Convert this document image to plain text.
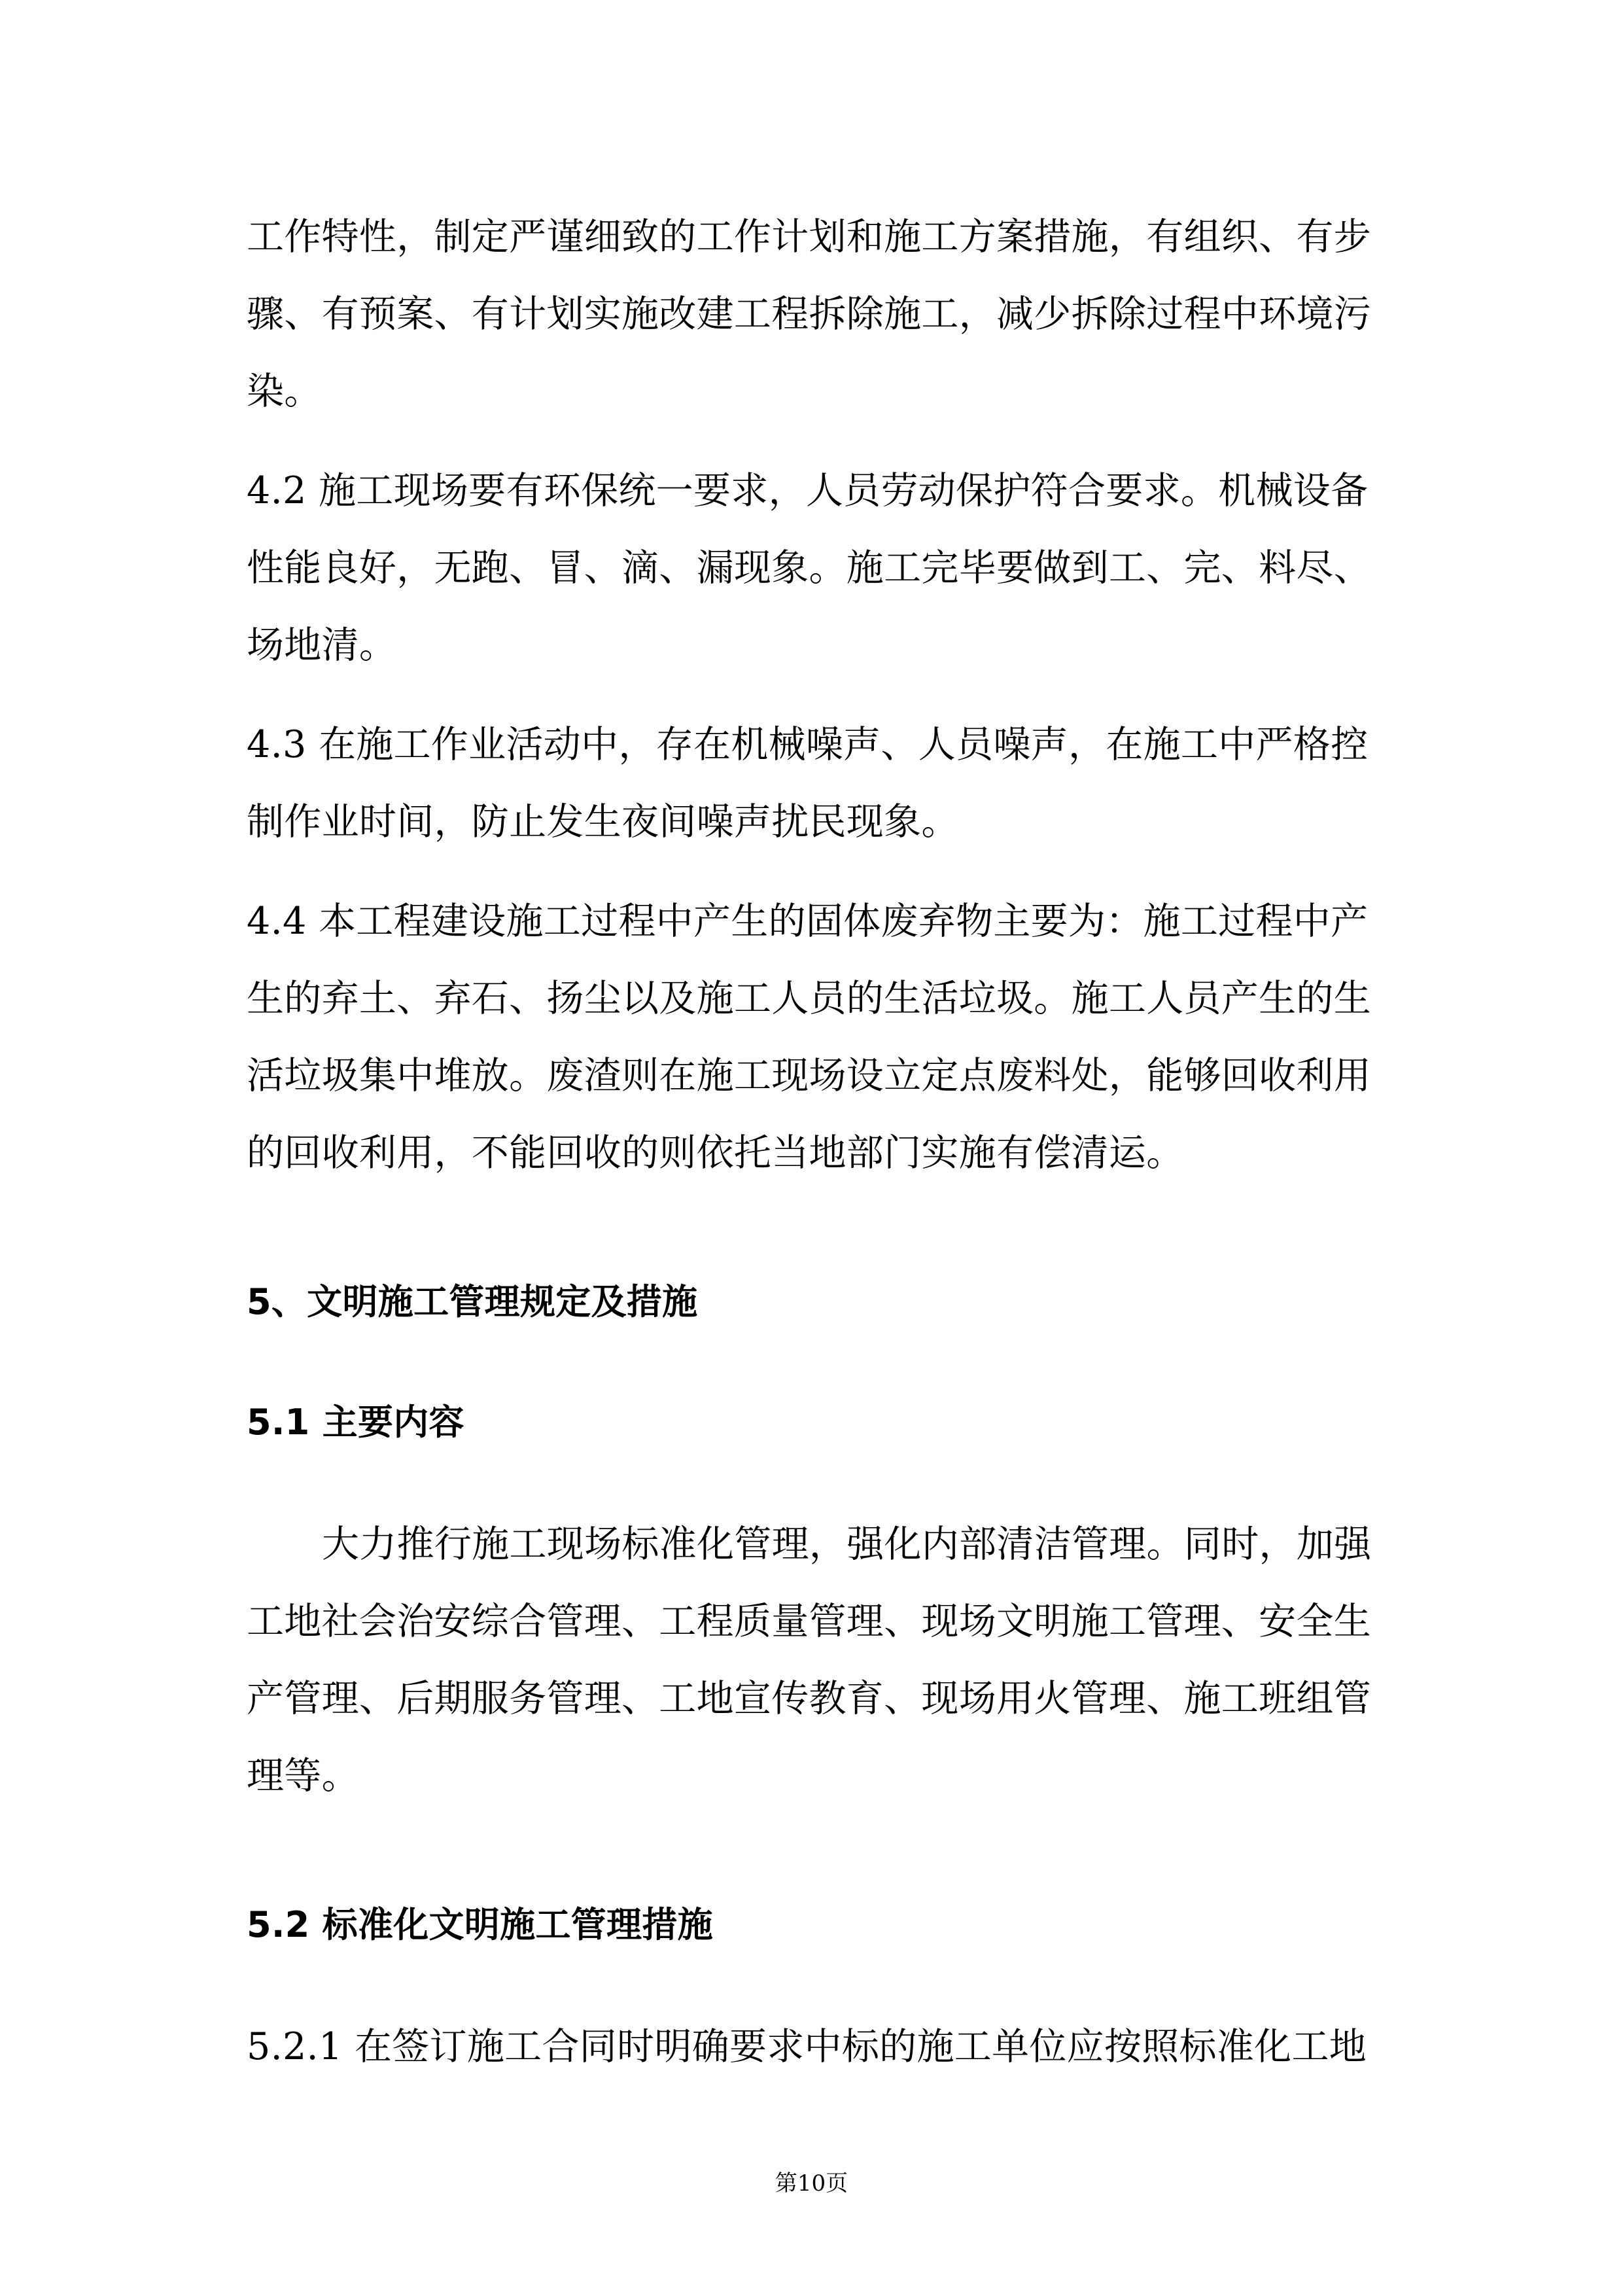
工作特性，制定严谨细致的工作计划和施工方案措施，有组织、有步
骤、有预案、有计划实施改建工程拆除施工，减少拆除过程中环境污
染。
4.2 施工现场要有环保统一要求，人员劳动保护符合要求。机械设备
性能良好，无跑、冒、滴、漏现象。施工完毕要做到工、完、料尽、
场地清。
4.3 在施工作业活动中，存在机械噪声、人员噪声，在施工中严格控
制作业时间，防止发生夜间噪声扰民现象。
4.4 本工程建设施工过程中产生的固体废弃物主要为：施工过程中产
生的弃土、弃石、扬尘以及施工人员的生活垃圾。施工人员产生的生
活垃圾集中堆放。废渣则在施工现场设立定点废料处，能够回收利用
的回收利用，不能回收的则依托当地部门实施有偿清运。
5、文明施工管理规定及措施
5.1 主要内容
大力推行施工现场标准化管理，强化内部清洁管理。同时，加强
工地社会治安综合管理、工程质量管理、现场文明施工管理、安全生
产管理、后期服务管理、工地宣传教育、现场用火管理、施工班组管
理等。
5.2 标准化文明施工管理措施
5.2.1 在签订施工合同时明确要求中标的施工单位应按照标准化工地
第10页
